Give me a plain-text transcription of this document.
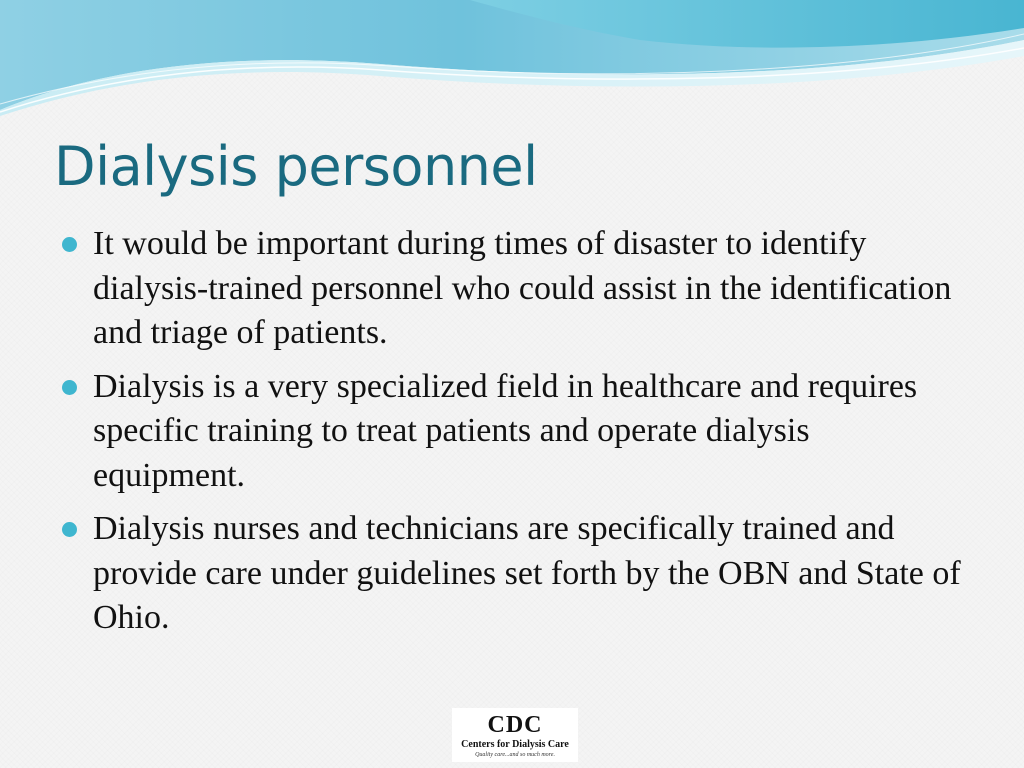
Dialysis personnel
It would be important during times of disaster to identify dialysis-trained personnel who could assist in the identification and triage of patients.
Dialysis is a very specialized field in healthcare and requires specific training to treat patients and operate dialysis equipment.
Dialysis nurses and technicians are specifically trained and provide care under guidelines set forth by the OBN and State of Ohio.
CDC
Centers for Dialysis Care
Quality care...and so much more.
